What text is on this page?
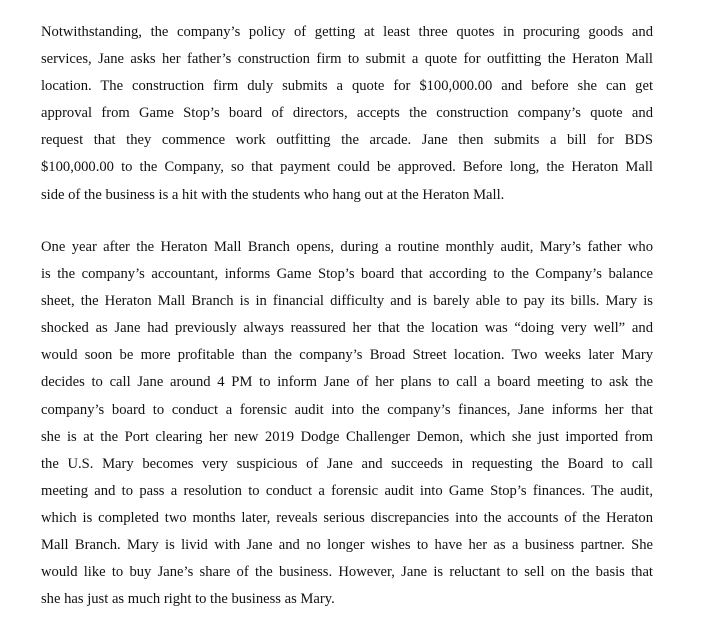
Notwithstanding, the company’s policy of getting at least three quotes in procuring goods and
services, Jane asks her father’s construction firm to submit a quote for outfitting the Heraton Mall
location. The construction firm duly submits a quote for $100,000.00 and before she can get
approval from Game Stop’s board of directors, accepts the construction company’s quote and
request that they commence work outfitting the arcade. Jane then submits a bill for BDS
$100,000.00 to the Company, so that payment could be approved. Before long, the Heraton Mall
side of the business is a hit with the students who hang out at the Heraton Mall.

One year after the Heraton Mall Branch opens, during a routine monthly audit, Mary’s father who
is the company’s accountant, informs Game Stop’s board that according to the Company’s balance
sheet, the Heraton Mall Branch is in financial difficulty and is barely able to pay its bills. Mary is
shocked as Jane had previously always reassured her that the location was “doing very well” and
would soon be more profitable than the company’s Broad Street location. Two weeks later Mary
decides to call Jane around 4 PM to inform Jane of her plans to call a board meeting to ask the
company’s board to conduct a forensic audit into the company’s finances, Jane informs her that
she is at the Port clearing her new 2019 Dodge Challenger Demon, which she just imported from
the U.S. Mary becomes very suspicious of Jane and succeeds in requesting the Board to call
meeting and to pass a resolution to conduct a forensic audit into Game Stop’s finances. The audit,
which is completed two months later, reveals serious discrepancies into the accounts of the Heraton
Mall Branch. Mary is livid with Jane and no longer wishes to have her as a business partner. She
would like to buy Jane’s share of the business. However, Jane is reluctant to sell on the basis that
she has just as much right to the business as Mary.
